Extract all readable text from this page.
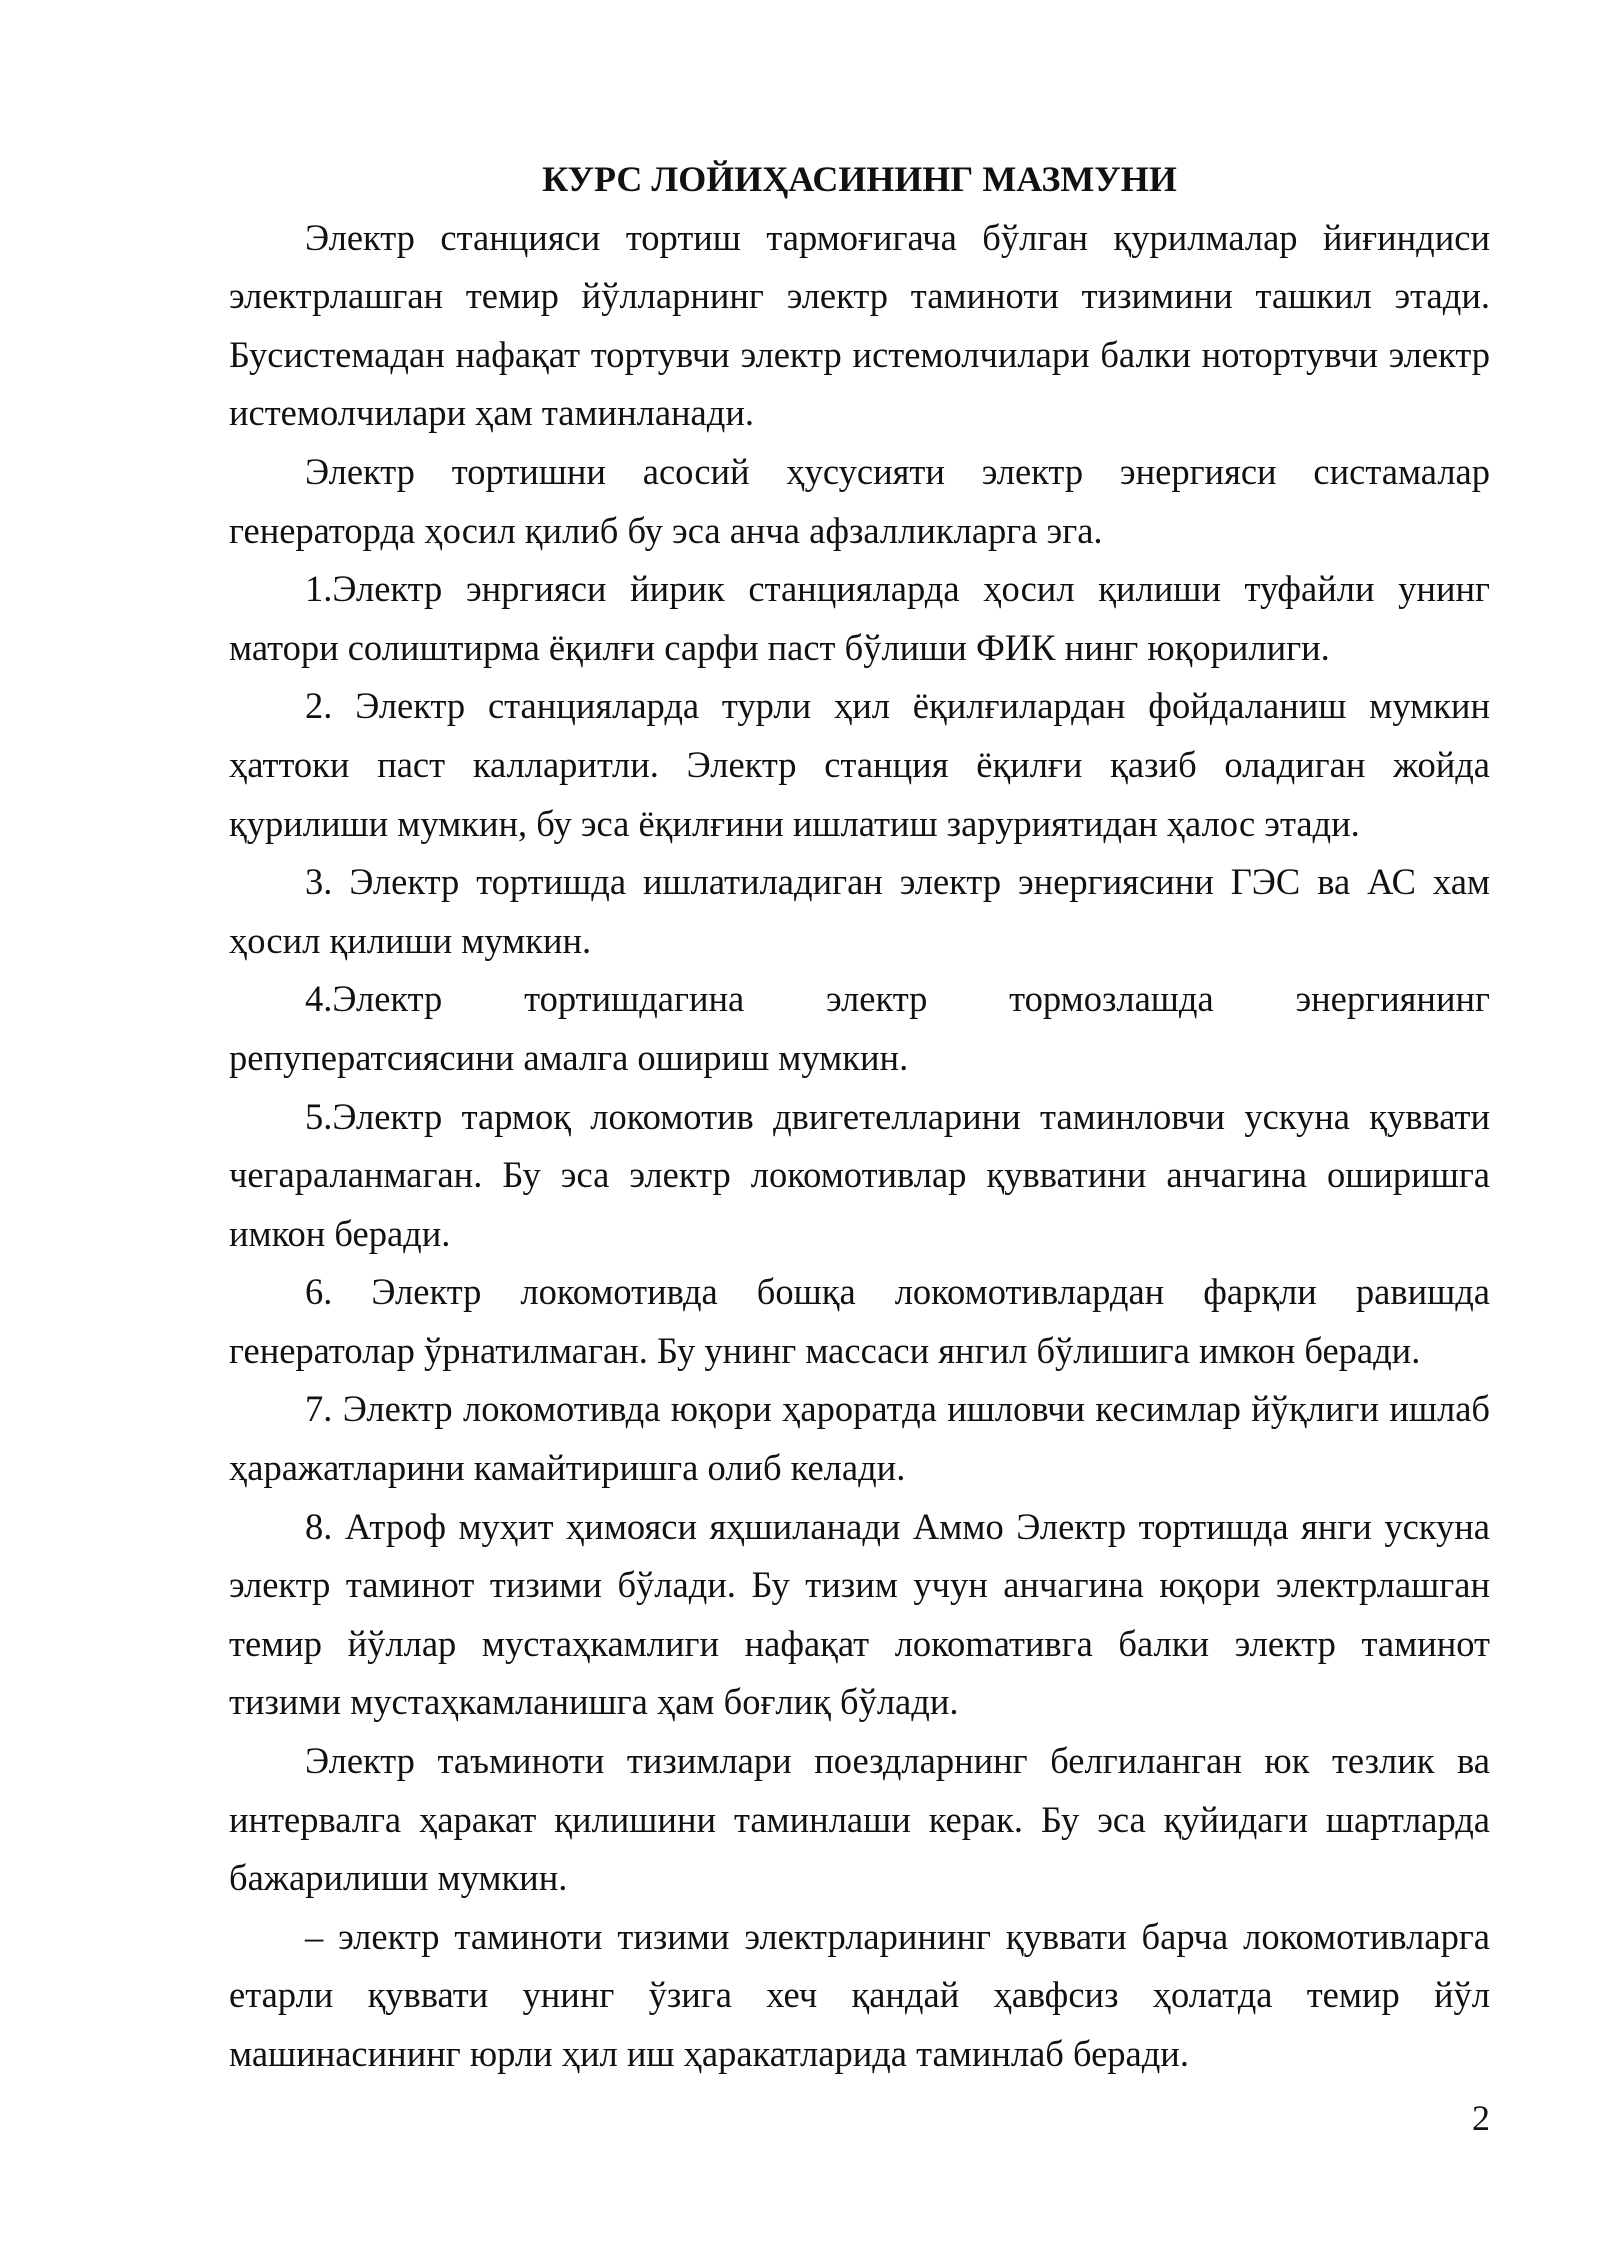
КУРС ЛОЙИҲАСИНИНГ МАЗМУНИ

Электр станцияси тортиш тармоғигача бўлган қурилмалар йиғиндиси электрлашган темир йўлларнинг электр таминоти тизимини ташкил этади. Бусистемадан нафақат тортувчи электр истемолчилари балки нотортувчи электр истемолчилари ҳам таминланади.

Электр тортишни асосий ҳусусияти электр энергияси систамалар генераторда ҳосил қилиб бу эса анча афзалликларга эга.

1.Электр энргияси йирик станцияларда ҳосил қилиши туфайли унинг матори солиштирма ёқилғи сарфи паст бўлиши ФИК нинг юқорилиги.

2. Электр станцияларда турли ҳил ёқилғилардан фойдаланиш мумкин ҳаттоки паст калларитли. Электр станция ёқилғи қазиб оладиган жойда қурилиши мумкин, бу эса ёқилғини ишлатиш заруриятидан ҳалос этади.

3. Электр тортишда ишлатиладиган электр энергиясини ГЭС ва АС хам ҳосил қилиши мумкин.

4.Электр тортишдагина электр тормозлашда энергиянинг репуператсиясини амалга ошириш мумкин.

5.Электр тармоқ локомотив двигетелларини таминловчи ускуна қуввати чегараланмаган. Бу эса электр локомотивлар қувватини анчагина оширишга имкон беради.

6. Электр локомотивда бошқа локомотивлардан фарқли равишда генератолар ўрнатилмаган. Бу унинг массаси янгил бўлишига имкон беради.

7. Электр локомотивда юқори ҳароратда ишловчи кесимлар йўқлиги ишлаб ҳаражатларини камайтиришга олиб келади.

8. Атроф муҳит ҳимояси яҳшиланади Аммо Электр тортишда янги ускуна электр таминот тизими бўлади. Бу тизим учун анчагина юқори электрлашган темир йўллар мустаҳкамлиги нафақат локоmативга балки электр таминот тизими мустаҳкамланишга ҳам боғлиқ бўлади.

Электр таъминоти тизимлари поездларнинг белгиланган юк тезлик ва интервалга ҳаракат қилишини таминлаши керак. Бу эса қуйидаги шартларда бажарилиши мумкин.

– электр таминоти тизими электрларининг қуввати барча локомотивларга етарли қуввати унинг ўзига хеч қандай ҳавфсиз ҳолатда темир йўл машинасининг юрли ҳил иш ҳаракатларида таминлаб беради.

2
